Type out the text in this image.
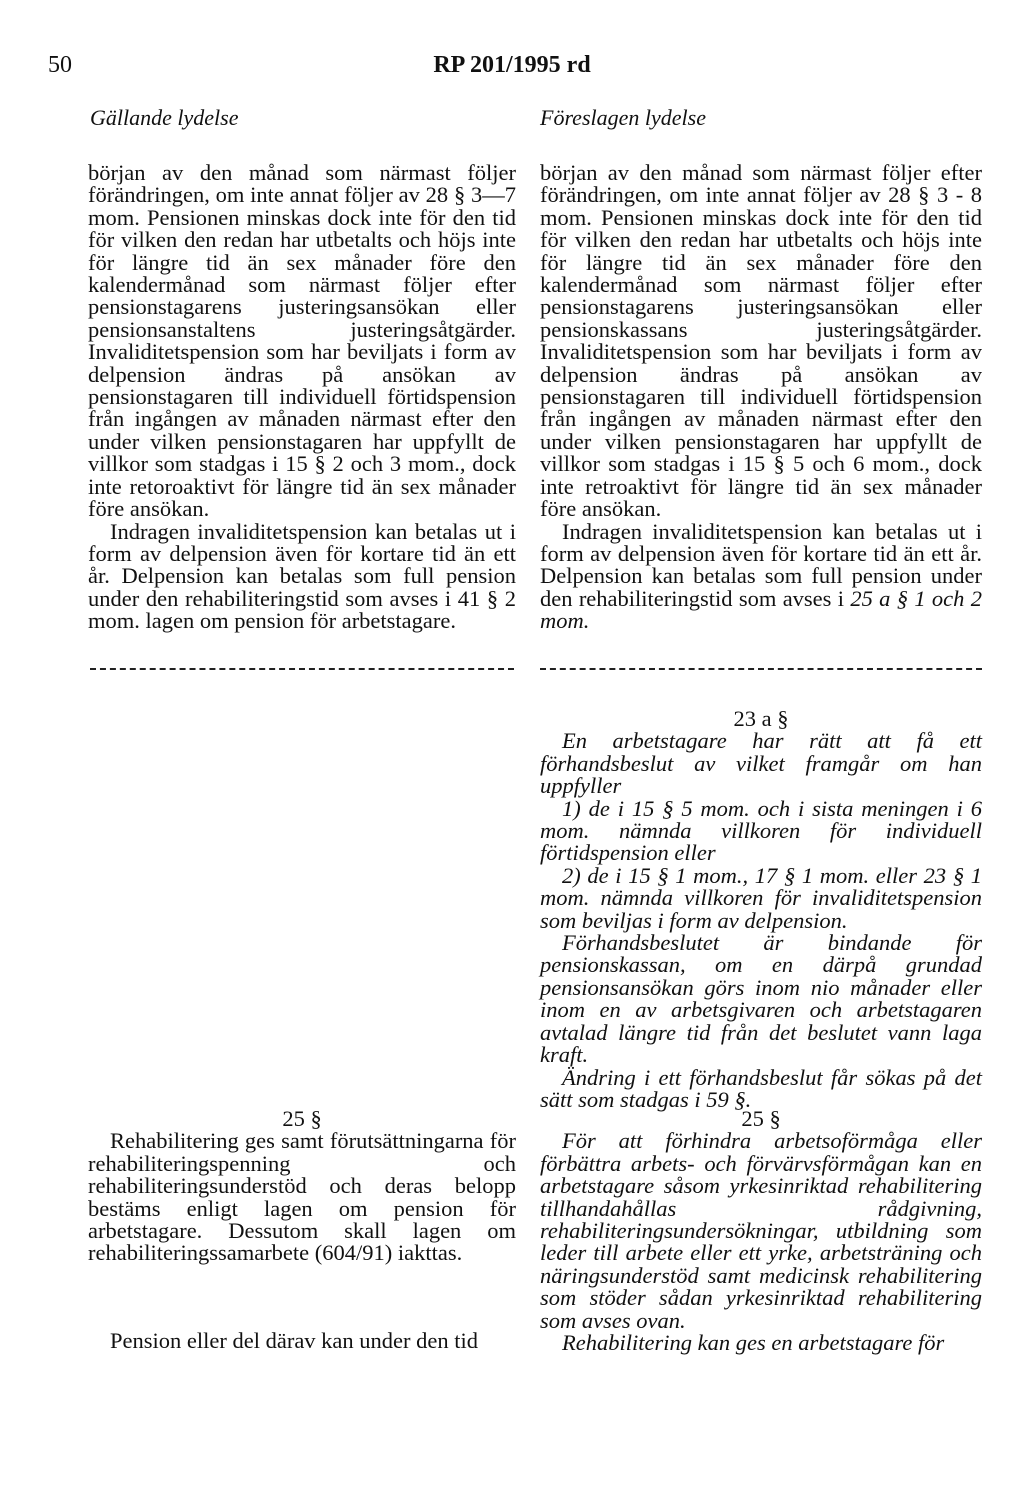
50	RP 201/1995 rd
Gällande lydelse	Föreslagen lydelse

början av den månad som närmast följer förändringen, om inte annat följer av 28 § 3—7 mom. Pensionen minskas dock inte för den tid för vilken den redan har utbetalts och höjs inte för längre tid än sex månader före den kalendermånad som närmast följer efter pensionstagarens justeringsansökan eller pensionsanstaltens justeringsåtgärder. Invaliditetspension som har beviljats i form av delpension ändras på ansökan av pensionstagaren till individuell förtidspension från ingången av månaden närmast efter den under vilken pensionstagaren har uppfyllt de villkor som stadgas i 15 § 2 och 3 mom., dock inte retoroaktivt för längre tid än sex månader före ansökan.

Indragen invaliditetspension kan betalas ut i form av delpension även för kortare tid än ett år. Delpension kan betalas som full pension under den rehabiliteringstid som avses i 41 § 2 mom. lagen om pension för arbetstagare.

början av den månad som närmast följer efter förändringen, om inte annat följer av 28 § 3 - 8 mom. Pensionen minskas dock inte för den tid för vilken den redan har utbetalts och höjs inte för längre tid än sex månader före den kalendermånad som närmast följer efter pensionstagarens justeringsansökan eller pensionskassans justeringsåtgärder. Invaliditetspension som har beviljats i form av delpension ändras på ansökan av pensionstagaren till individuell förtidspension från ingången av månaden närmast efter den under vilken pensionstagaren har uppfyllt de villkor som stadgas i 15 § 5 och 6 mom., dock inte retroaktivt för längre tid än sex månader före ansökan.

Indragen invaliditetspension kan betalas ut i form av delpension även för kortare tid än ett år. Delpension kan betalas som full pension under den rehabiliteringstid som avses i 25 a § 1 och 2 mom.

23 a §

En arbetstagare har rätt att få ett förhandsbeslut av vilket framgår om han uppfyller

1) de i 15 § 5 mom. och i sista meningen i 6 mom. nämnda villkoren för individuell förtidspension eller

2) de i 15 § 1 mom., 17 § 1 mom. eller 23 § 1 mom. nämnda villkoren för invaliditetspension som beviljas i form av delpension.

Förhandsbeslutet är bindande för pensionskassan, om en därpå grundad pensionsansökan görs inom nio månader eller inom en av arbetsgivaren och arbetstagaren avtalad längre tid från det beslutet vann laga kraft.

Ändring i ett förhandsbeslut får sökas på det sätt som stadgas i 59 §.

25 §

Rehabilitering ges samt förutsättningarna för rehabiliteringspenning och rehabiliteringsunderstöd och deras belopp bestäms enligt lagen om pension för arbetstagare. Dessutom skall lagen om rehabiliteringssamarbete (604/91) iakttas.

Pension eller del därav kan under den tid

25 §

För att förhindra arbetsoförmåga eller förbättra arbets- och förvärvsförmågan kan en arbetstagare såsom yrkesinriktad rehabilitering tillhandahållas rådgivning, rehabiliteringsundersökningar, utbildning som leder till arbete eller ett yrke, arbetsträning och näringsunderstöd samt medicinsk rehabilitering som stöder sådan yrkesinriktad rehabilitering som avses ovan.

Rehabilitering kan ges en arbetstagare för
